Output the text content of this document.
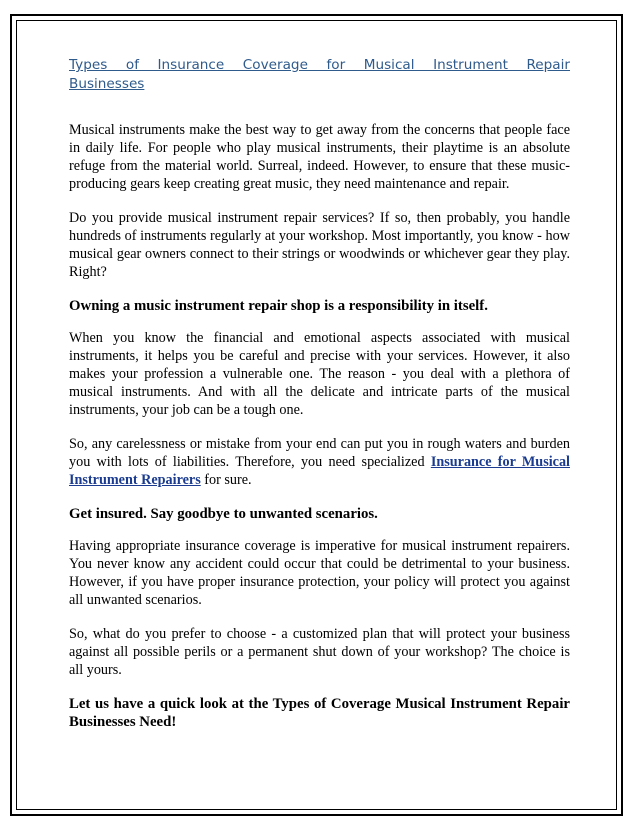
Types of Insurance Coverage for Musical Instrument Repair Businesses

Musical instruments make the best way to get away from the concerns that people face in daily life. For people who play musical instruments, their playtime is an absolute refuge from the material world. Surreal, indeed. However, to ensure that these music-producing gears keep creating great music, they need maintenance and repair.

Do you provide musical instrument repair services? If so, then probably, you handle hundreds of instruments regularly at your workshop. Most importantly, you know - how musical gear owners connect to their strings or woodwinds or whichever gear they play. Right?

Owning a music instrument repair shop is a responsibility in itself.

When you know the financial and emotional aspects associated with musical instruments, it helps you be careful and precise with your services. However, it also makes your profession a vulnerable one. The reason - you deal with a plethora of musical instruments. And with all the delicate and intricate parts of the musical instruments, your job can be a tough one.

So, any carelessness or mistake from your end can put you in rough waters and burden you with lots of liabilities. Therefore, you need specialized Insurance for Musical Instrument Repairers for sure.

Get insured. Say goodbye to unwanted scenarios.

Having appropriate insurance coverage is imperative for musical instrument repairers. You never know any accident could occur that could be detrimental to your business. However, if you have proper insurance protection, your policy will protect you against all unwanted scenarios.

So, what do you prefer to choose - a customized plan that will protect your business against all possible perils or a permanent shut down of your workshop? The choice is all yours.

Let us have a quick look at the Types of Coverage Musical Instrument Repair Businesses Need!
